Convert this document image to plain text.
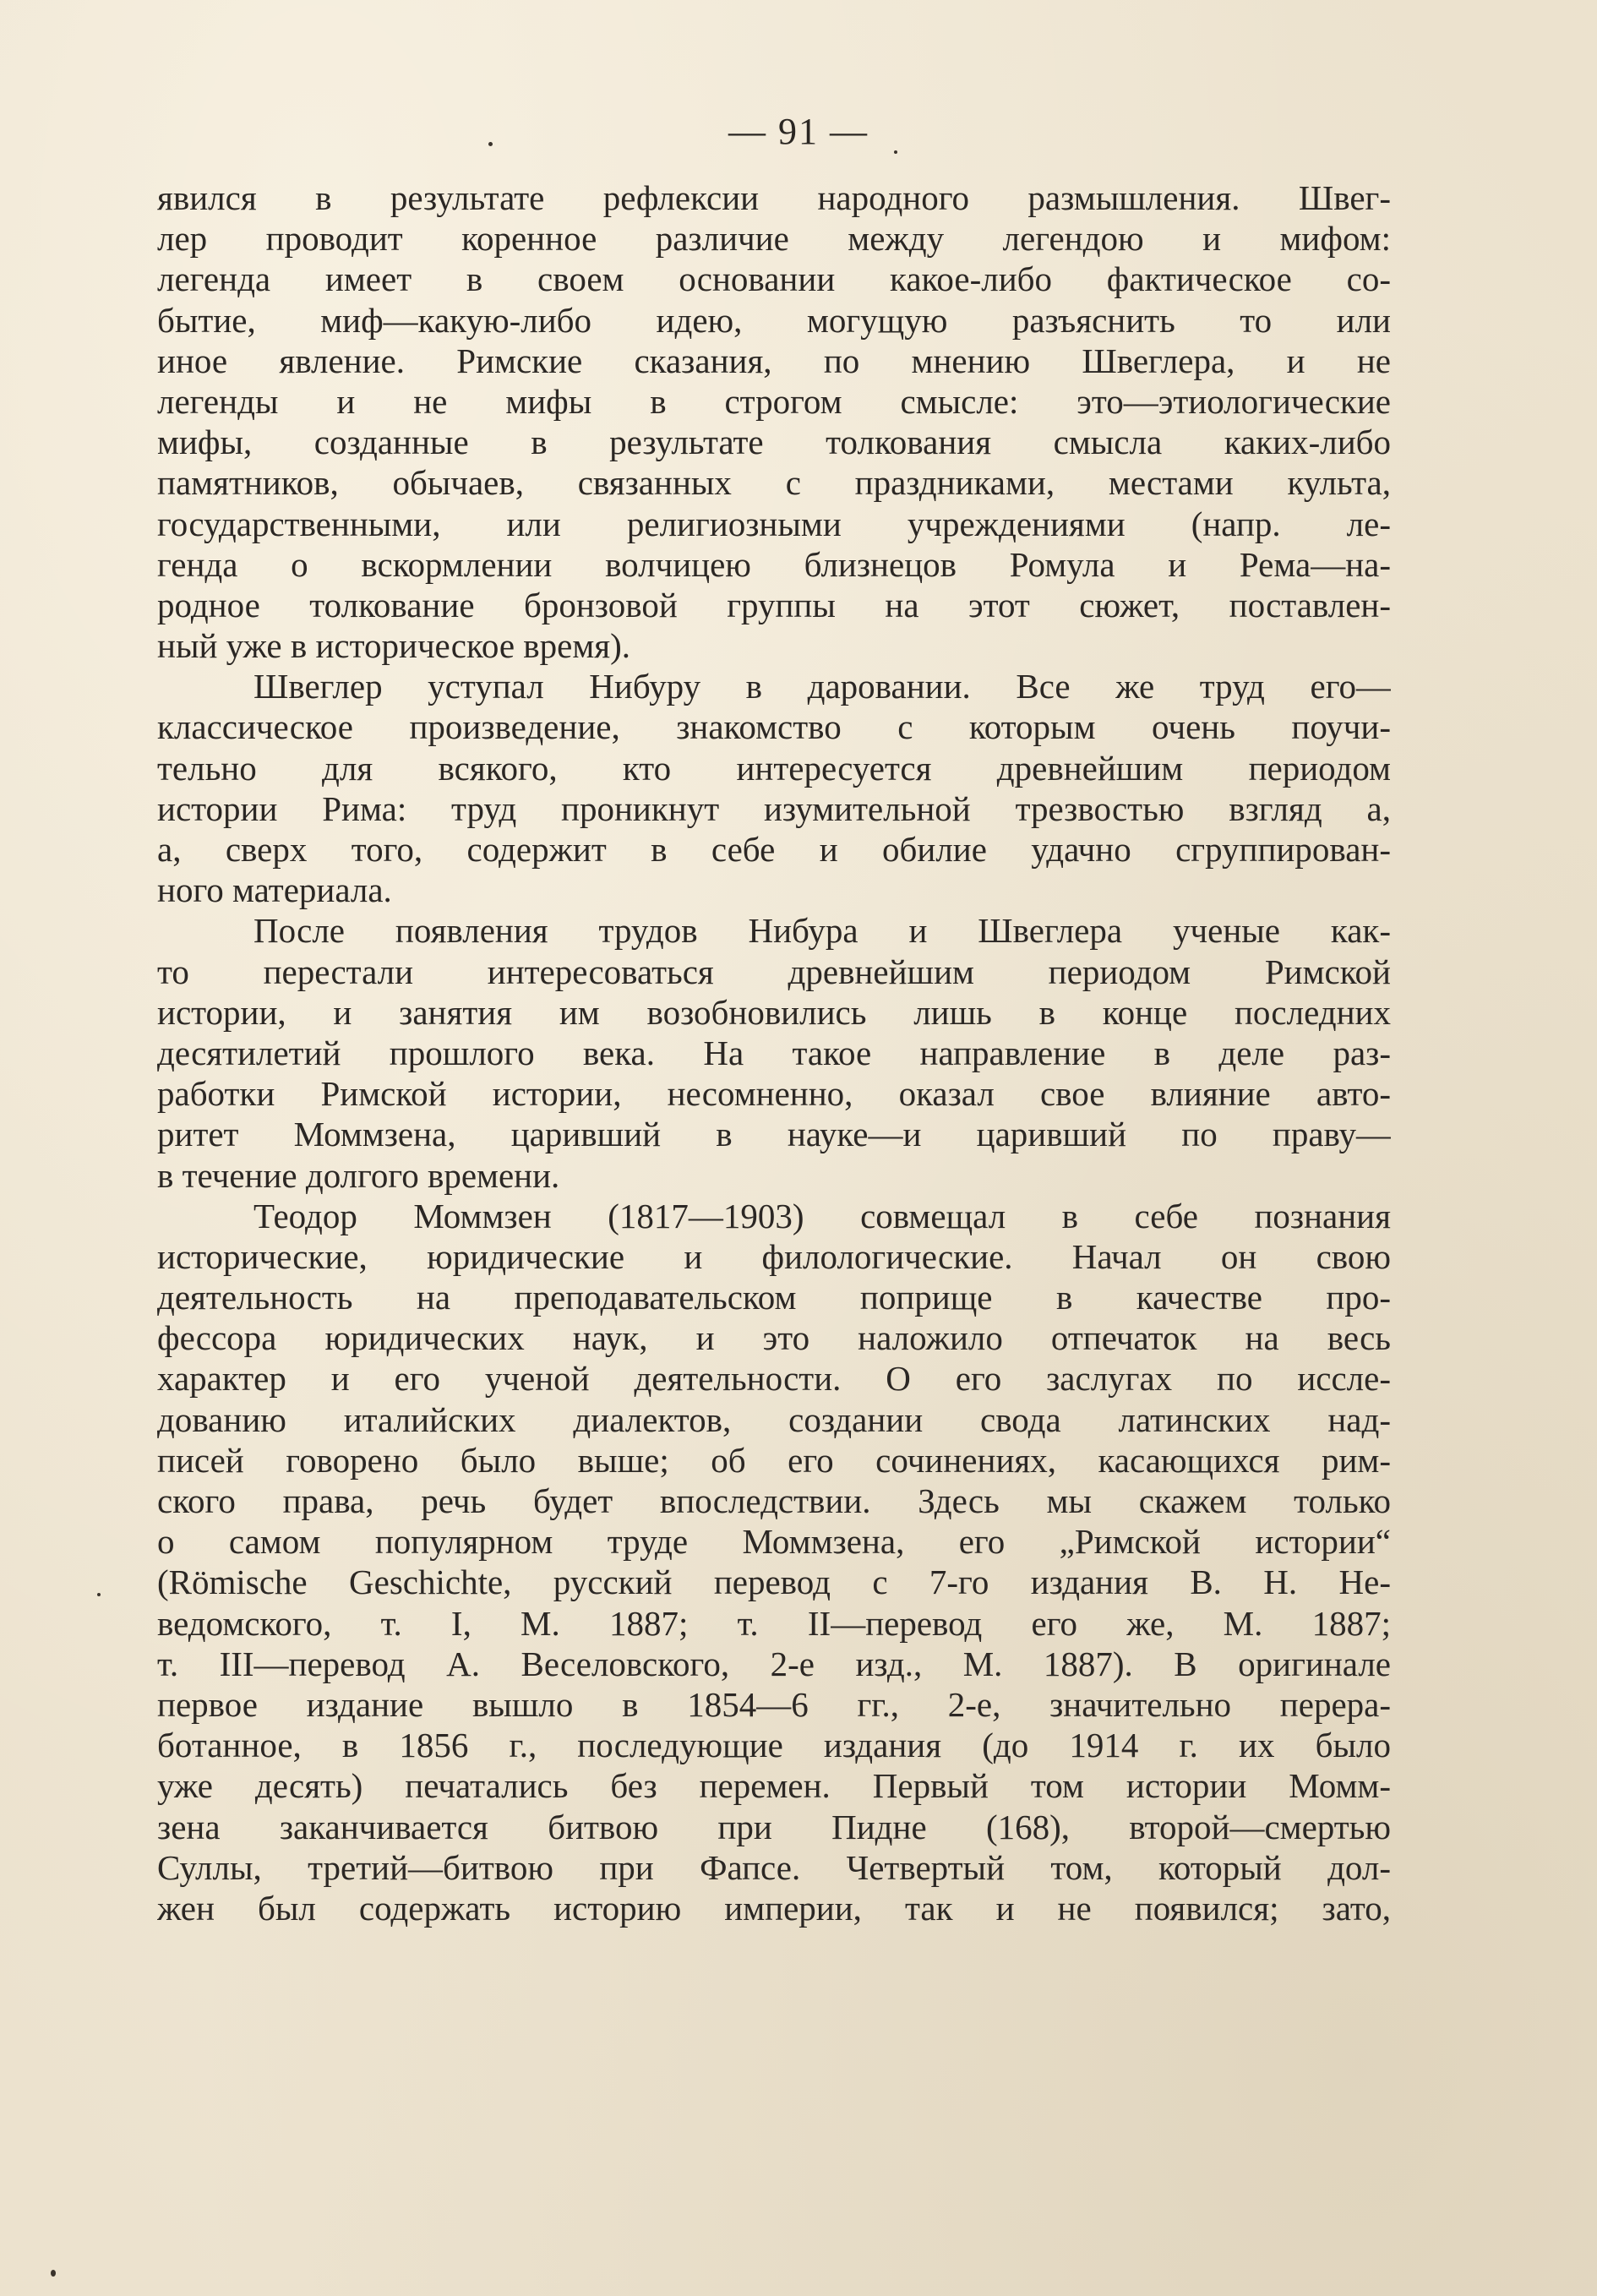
— 91 —
явился в результате рефлексии народного размышления. Швег-
лер проводит коренное различие между легендою и мифом:
легенда имеет в своем основании какое-либо фактическое со-
бытие, миф—какую-либо идею, могущую разъяснить то или
иное явление. Римские сказания, по мнению Швеглера, и не
легенды и не мифы в строгом смысле: это—этиологические
мифы, созданные в результате толкования смысла каких-либо
памятников, обычаев, связанных с праздниками, местами культа,
государственными, или религиозными учреждениями (напр. ле-
генда о вскормлении волчицею близнецов Ромула и Рема—на-
родное толкование бронзовой группы на этот сюжет, поставлен-
ный уже в историческое время).
Швеглер уступал Нибуру в даровании. Все же труд его—
классическое произведение, знакомство с которым очень поучи-
тельно для всякого, кто интересуется древнейшим периодом
истории Рима: труд проникнут изумительной трезвостью взгляд а,
а, сверх того, содержит в себе и обилие удачно сгруппирован-
ного материала.
После появления трудов Нибура и Швеглера ученые как-
то перестали интересоваться древнейшим периодом Римской
истории, и занятия им возобновились лишь в конце последних
десятилетий прошлого века. На такое направление в деле раз-
работки Римской истории, несомненно, оказал свое влияние авто-
ритет Моммзена, царивший в науке—и царивший по праву—
в течение долгого времени.
Теодор Моммзен (1817—1903) совмещал в себе познания
исторические, юридические и филологические. Начал он свою
деятельность на преподавательском поприще в качестве про-
фессора юридических наук, и это наложило отпечаток на весь
характер и его ученой деятельности. О его заслугах по иссле-
дованию италийских диалектов, создании свода латинских над-
писей говорено было выше; об его сочинениях, касающихся рим-
ского права, речь будет впоследствии. Здесь мы скажем только
о самом популярном труде Моммзена, его „Римской истории“
(Römische Geschichte, русский перевод с 7-го издания В. Н. Не-
ведомского, т. I, М. 1887; т. II—перевод его же, М. 1887;
т. III—перевод А. Веселовского, 2-е изд., М. 1887). В оригинале
первое издание вышло в 1854—6 гг., 2-е, значительно перера-
ботанное, в 1856 г., последующие издания (до 1914 г. их было
уже десять) печатались без перемен. Первый том истории Момм-
зена заканчивается битвою при Пидне (168), второй—смертью
Суллы, третий—битвою при Фапсе. Четвертый том, который дол-
жен был содержать историю империи, так и не появился; зато,
